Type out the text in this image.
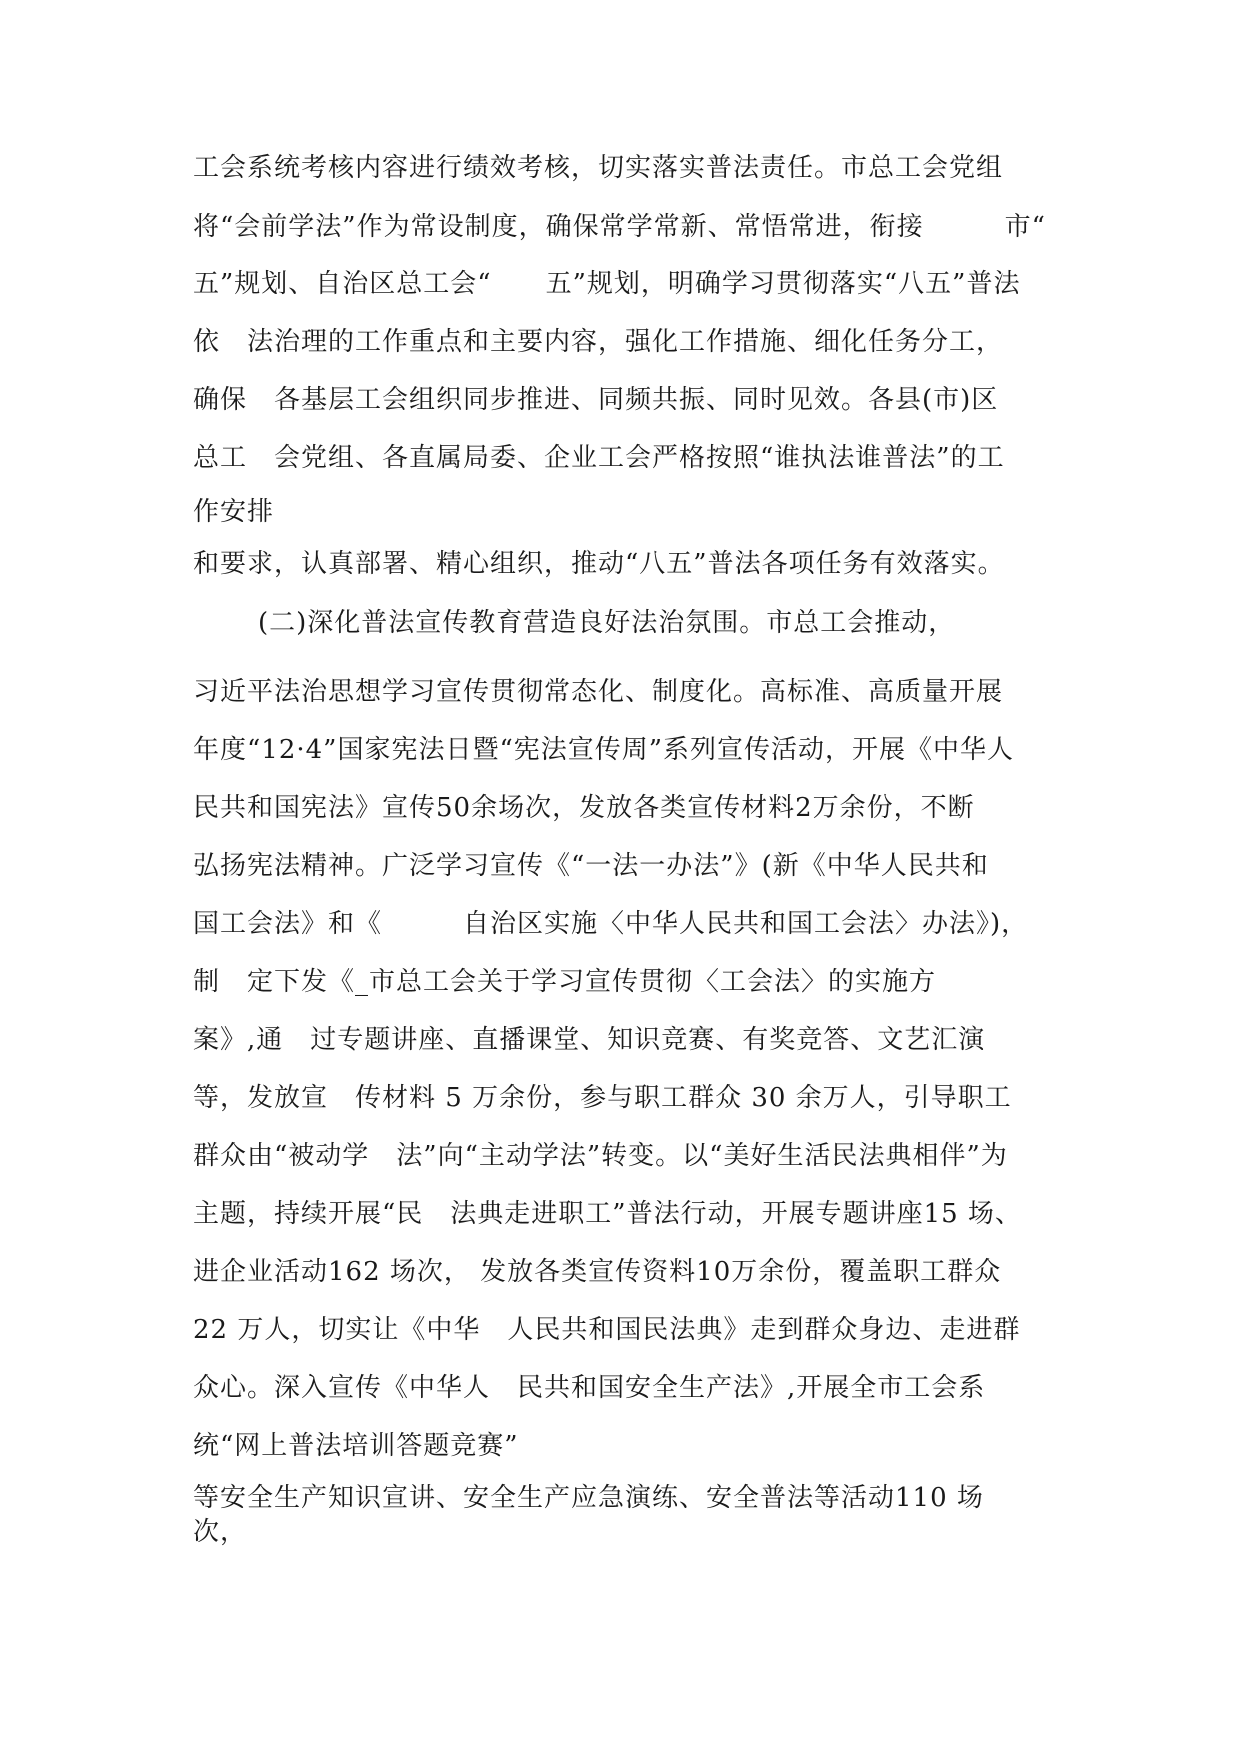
工会系统考核内容进行绩效考核，切实落实普法责任。市总工会党组
将“会前学法”作为常设制度，确保常学常新、常悟常进，衔接　　　市“
五”规划、自治区总工会“　　五”规划，明确学习贯彻落实“八五”普法
依　法治理的工作重点和主要内容，强化工作措施、细化任务分工，
确保　各基层工会组织同步推进、同频共振、同时见效。各县(市)区
总工　会党组、各直属局委、企业工会严格按照“谁执法谁普法”的工
作安排
和要求，认真部署、精心组织，推动“八五”普法各项任务有效落实。
(二)深化普法宣传教育营造良好法治氛围。市总工会推动，
习近平法治思想学习宣传贯彻常态化、制度化。高标准、高质量开展
年度“12·4”国家宪法日暨“宪法宣传周”系列宣传活动，开展《中华人
民共和国宪法》宣传50余场次，发放各类宣传材料2万余份，不断
弘扬宪法精神。广泛学习宣传《“一法一办法”》(新《中华人民共和
国工会法》和《　　　自治区实施〈中华人民共和国工会法〉办法》)，
制　定下发《_市总工会关于学习宣传贯彻〈工会法〉的实施方
案》,通　过专题讲座、直播课堂、知识竞赛、有奖竞答、文艺汇演
等，发放宣　传材料 5 万余份，参与职工群众 30 余万人，引导职工
群众由“被动学　法”向“主动学法”转变。以“美好生活民法典相伴”为
主题，持续开展“民　法典走进职工”普法行动，开展专题讲座15 场、
进企业活动162 场次， 发放各类宣传资料10万余份，覆盖职工群众
22 万人，切实让《中华　人民共和国民法典》走到群众身边、走进群
众心。深入宣传《中华人　民共和国安全生产法》,开展全市工会系
统“网上普法培训答题竞赛”
等安全生产知识宣讲、安全生产应急演练、安全普法等活动110 场
次，
